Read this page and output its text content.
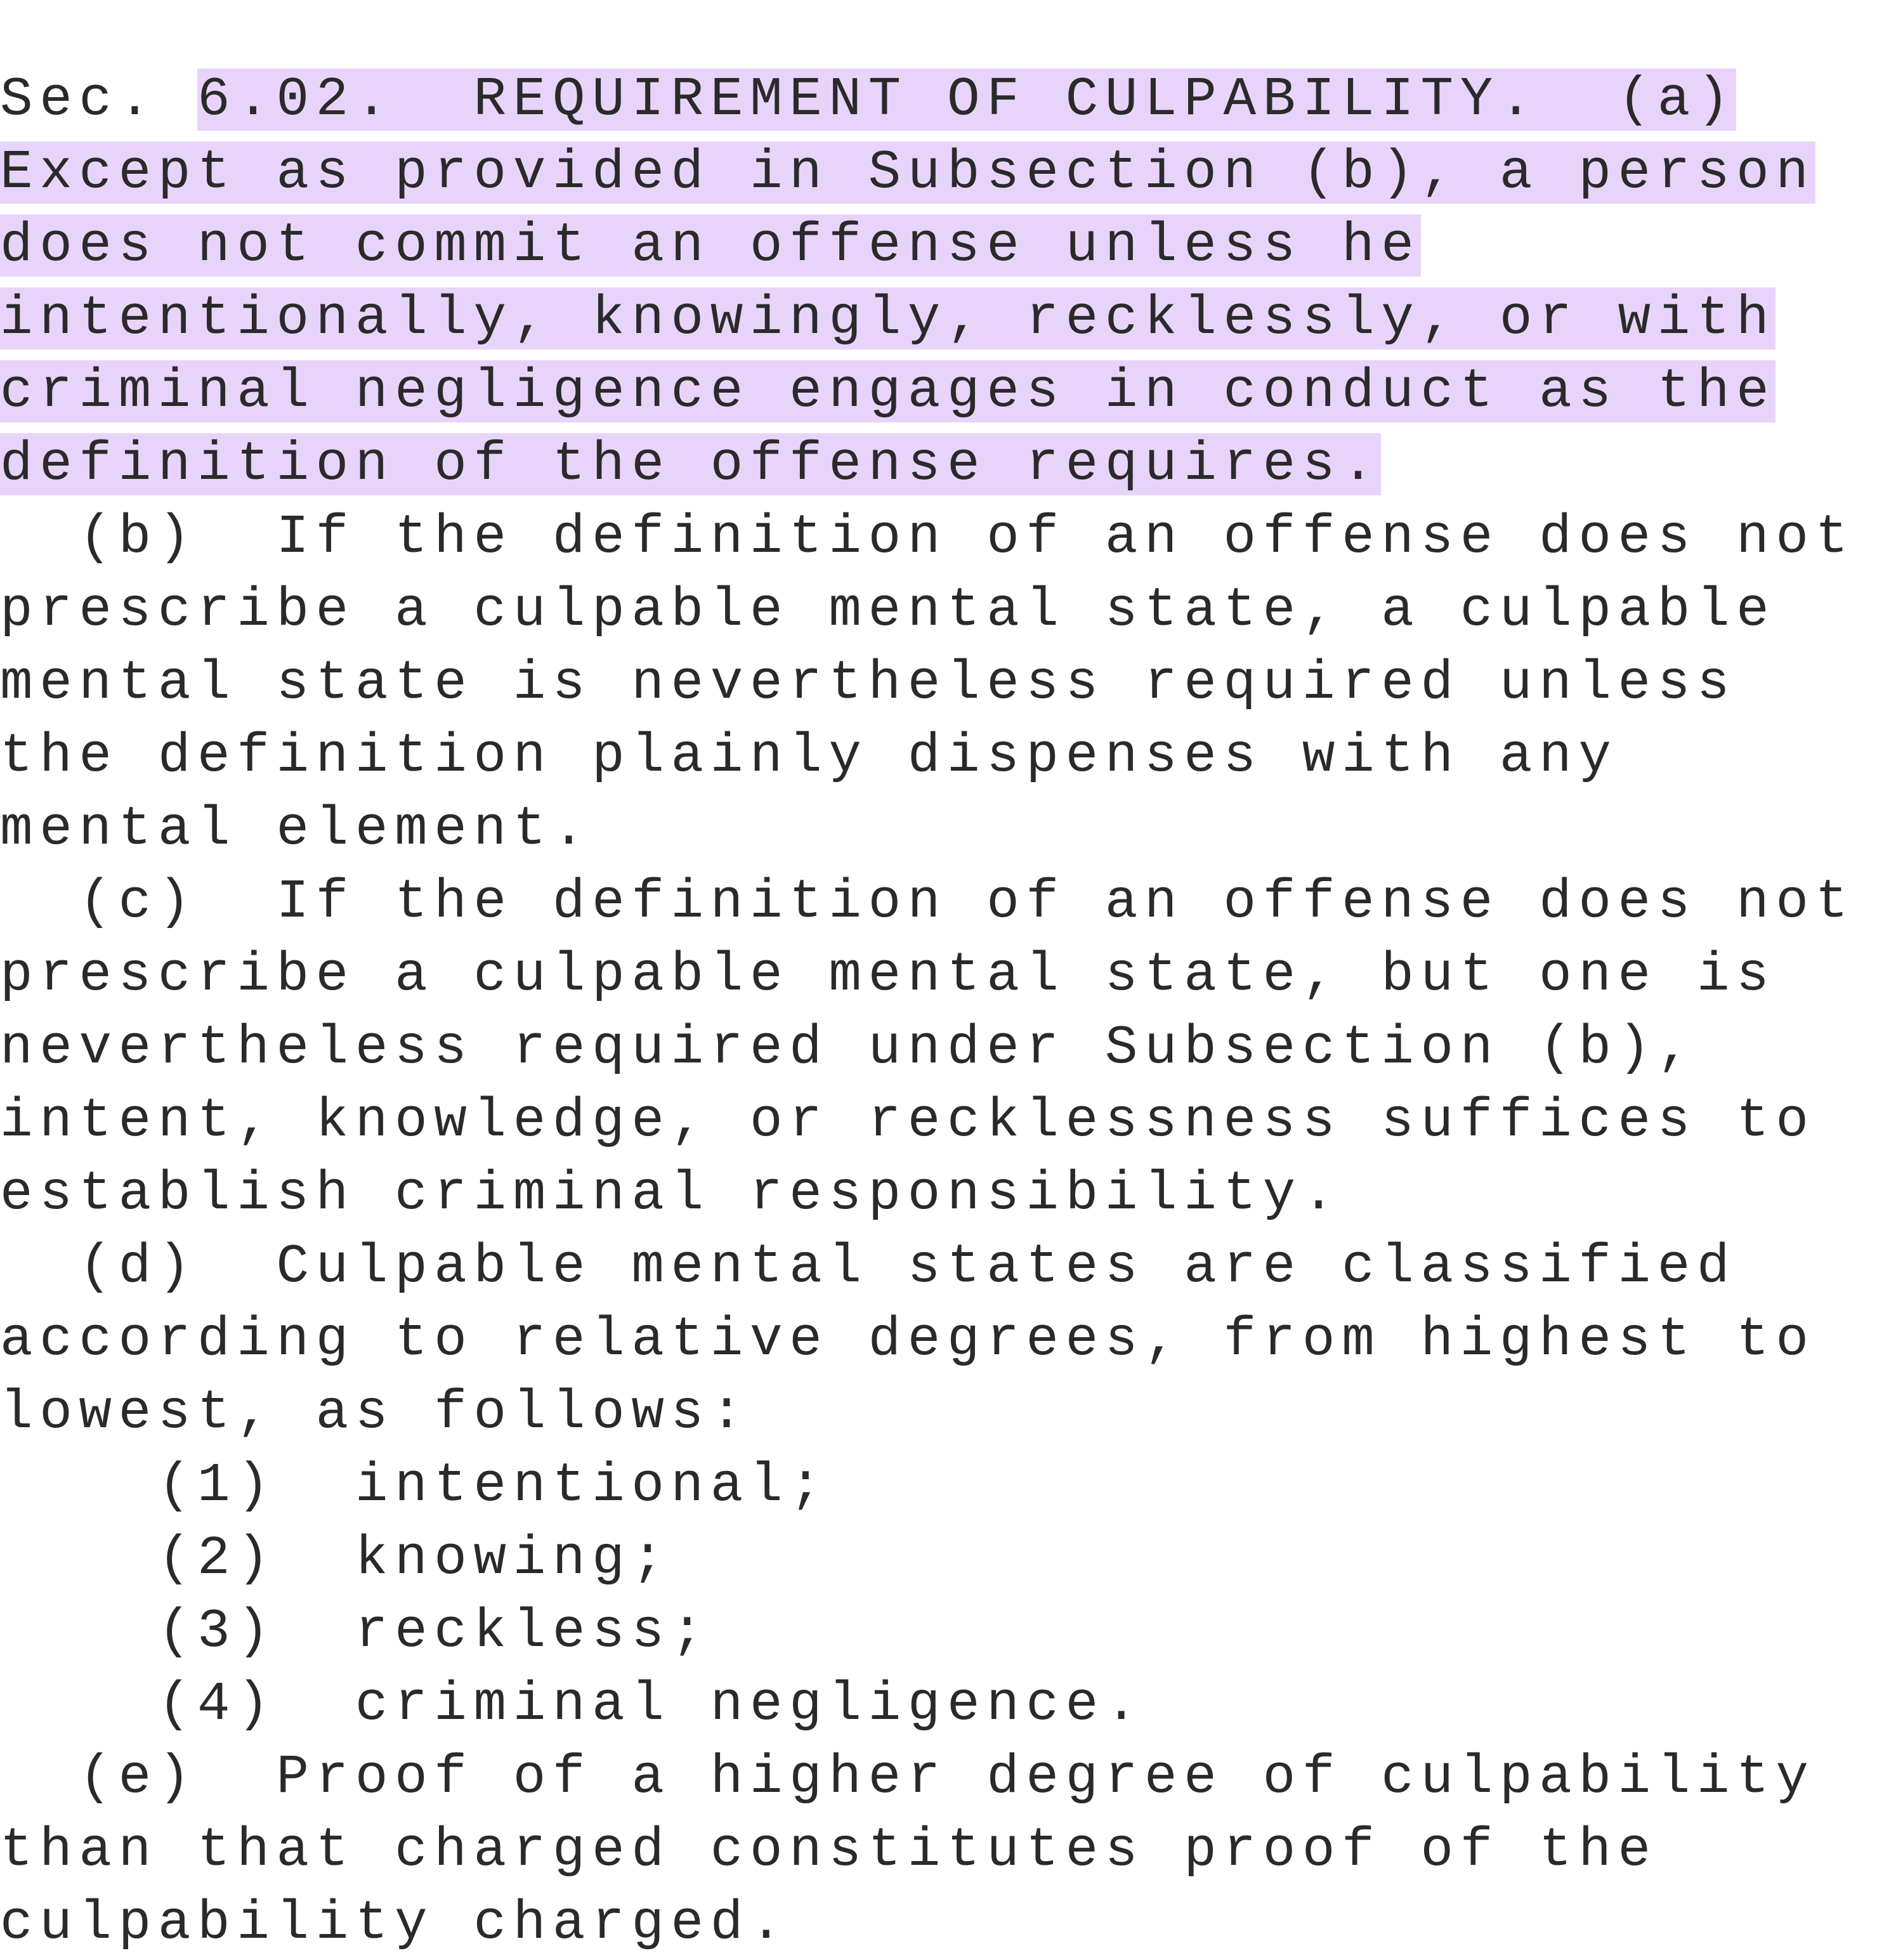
Sec. 6.02.  REQUIREMENT OF CULPABILITY.  (a)
Except as provided in Subsection (b), a person
does not commit an offense unless he
intentionally, knowingly, recklessly, or with
criminal negligence engages in conduct as the
definition of the offense requires.
(b)  If the definition of an offense does not
prescribe a culpable mental state, a culpable
mental state is nevertheless required unless
the definition plainly dispenses with any
mental element.
(c)  If the definition of an offense does not
prescribe a culpable mental state, but one is
nevertheless required under Subsection (b),
intent, knowledge, or recklessness suffices to
establish criminal responsibility.
(d)  Culpable mental states are classified
according to relative degrees, from highest to
lowest, as follows:
(1)  intentional;
(2)  knowing;
(3)  reckless;
(4)  criminal negligence.
(e)  Proof of a higher degree of culpability
than that charged constitutes proof of the
culpability charged.
